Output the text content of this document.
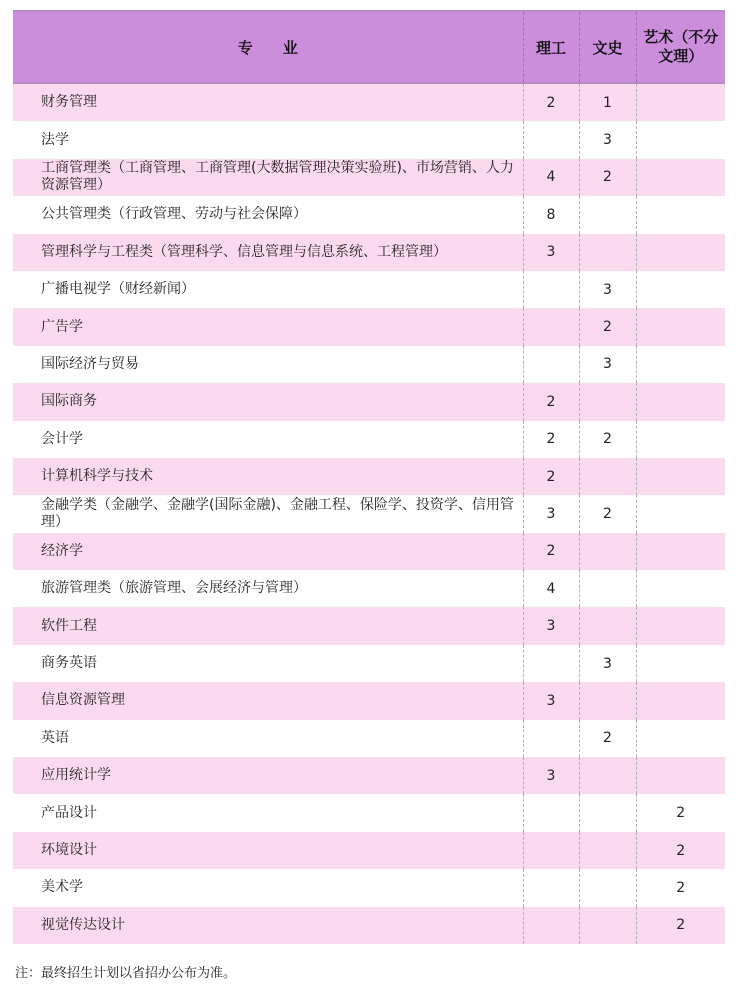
专　　业	理工	文史	艺术（不分文理）
财务管理	2	1	
法学		3	
工商管理类（工商管理、工商管理(大数据管理决策实验班)、市场营销、人力资源管理）	4	2	
公共管理类（行政管理、劳动与社会保障）	8		
管理科学与工程类（管理科学、信息管理与信息系统、工程管理）	3		
广播电视学（财经新闻）		3	
广告学		2	
国际经济与贸易		3	
国际商务	2		
会计学	2	2	
计算机科学与技术	2		
金融学类（金融学、金融学(国际金融)、金融工程、保险学、投资学、信用管理）	3	2	
经济学	2		
旅游管理类（旅游管理、会展经济与管理）	4		
软件工程	3		
商务英语		3	
信息资源管理	3		
英语		2	
应用统计学	3		
产品设计			2
环境设计			2
美术学			2
视觉传达设计			2
注：最终招生计划以省招办公布为准。
